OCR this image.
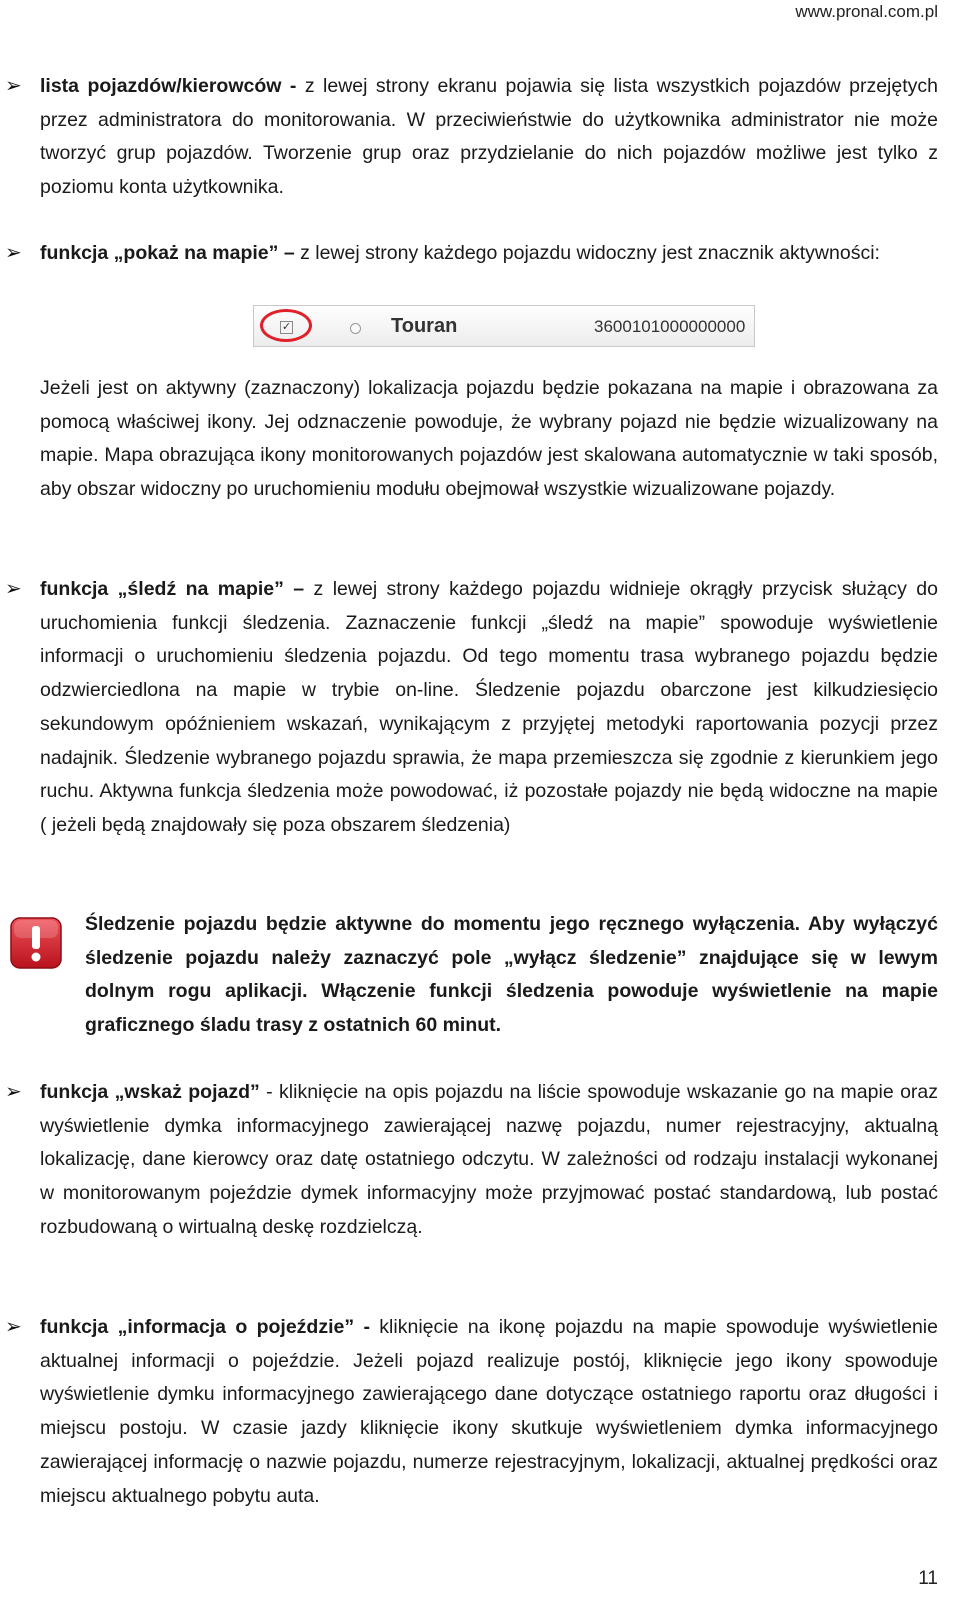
www.pronal.com.pl
➢ lista pojazdów/kierowców - z lewej strony ekranu pojawia się lista wszystkich pojazdów przejętych przez administratora do monitorowania. W przeciwieństwie do użytkownika administrator nie może tworzyć grup pojazdów. Tworzenie grup oraz przydzielanie do nich pojazdów możliwe jest tylko z poziomu konta użytkownika.
➢ funkcja „pokaż na mapie” – z lewej strony każdego pojazdu widoczny jest znacznik aktywności:
✓	Touran	3600101000000000
Jeżeli jest on aktywny (zaznaczony) lokalizacja pojazdu będzie pokazana na mapie i obrazowana za pomocą właściwej ikony. Jej odznaczenie powoduje, że wybrany pojazd nie będzie wizualizowany na mapie. Mapa obrazująca ikony monitorowanych pojazdów jest skalowana automatycznie w taki sposób, aby obszar widoczny po uruchomieniu modułu obejmował wszystkie wizualizowane pojazdy.
➢ funkcja „śledź na mapie” – z lewej strony każdego pojazdu widnieje okrągły przycisk służący do uruchomienia funkcji śledzenia. Zaznaczenie funkcji „śledź na mapie” spowoduje wyświetlenie informacji o uruchomieniu śledzenia pojazdu. Od tego momentu trasa wybranego pojazdu będzie odzwierciedlona na mapie w trybie on-line. Śledzenie pojazdu obarczone jest kilkudziesięcio sekundowym opóźnieniem wskazań, wynikającym z przyjętej metodyki raportowania pozycji przez nadajnik. Śledzenie wybranego pojazdu sprawia, że mapa przemieszcza się zgodnie z kierunkiem jego ruchu. Aktywna funkcja śledzenia może powodować, iż pozostałe pojazdy nie będą widoczne na mapie ( jeżeli będą znajdowały się poza obszarem śledzenia)
Śledzenie pojazdu będzie aktywne do momentu jego ręcznego wyłączenia. Aby wyłączyć śledzenie pojazdu należy zaznaczyć pole „wyłącz śledzenie” znajdujące się w lewym dolnym rogu aplikacji. Włączenie funkcji śledzenia powoduje wyświetlenie na mapie graficznego śladu trasy z ostatnich 60 minut.
➢ funkcja „wskaż pojazd” - kliknięcie na opis pojazdu na liście spowoduje wskazanie go na mapie oraz wyświetlenie dymka informacyjnego zawierającej nazwę pojazdu, numer rejestracyjny, aktualną lokalizację, dane kierowcy oraz datę ostatniego odczytu. W zależności od rodzaju instalacji wykonanej w monitorowanym pojeździe dymek informacyjny może przyjmować postać standardową, lub postać rozbudowaną o wirtualną deskę rozdzielczą.
➢ funkcja „informacja o pojeździe” - kliknięcie na ikonę pojazdu na mapie spowoduje wyświetlenie aktualnej informacji o pojeździe. Jeżeli pojazd realizuje postój, kliknięcie jego ikony spowoduje wyświetlenie dymku informacyjnego zawierającego dane dotyczące ostatniego raportu oraz długości i miejscu postoju. W czasie jazdy kliknięcie ikony skutkuje wyświetleniem dymka informacyjnego zawierającej informację o nazwie pojazdu, numerze rejestracyjnym, lokalizacji, aktualnej prędkości oraz miejscu aktualnego pobytu auta.
11
